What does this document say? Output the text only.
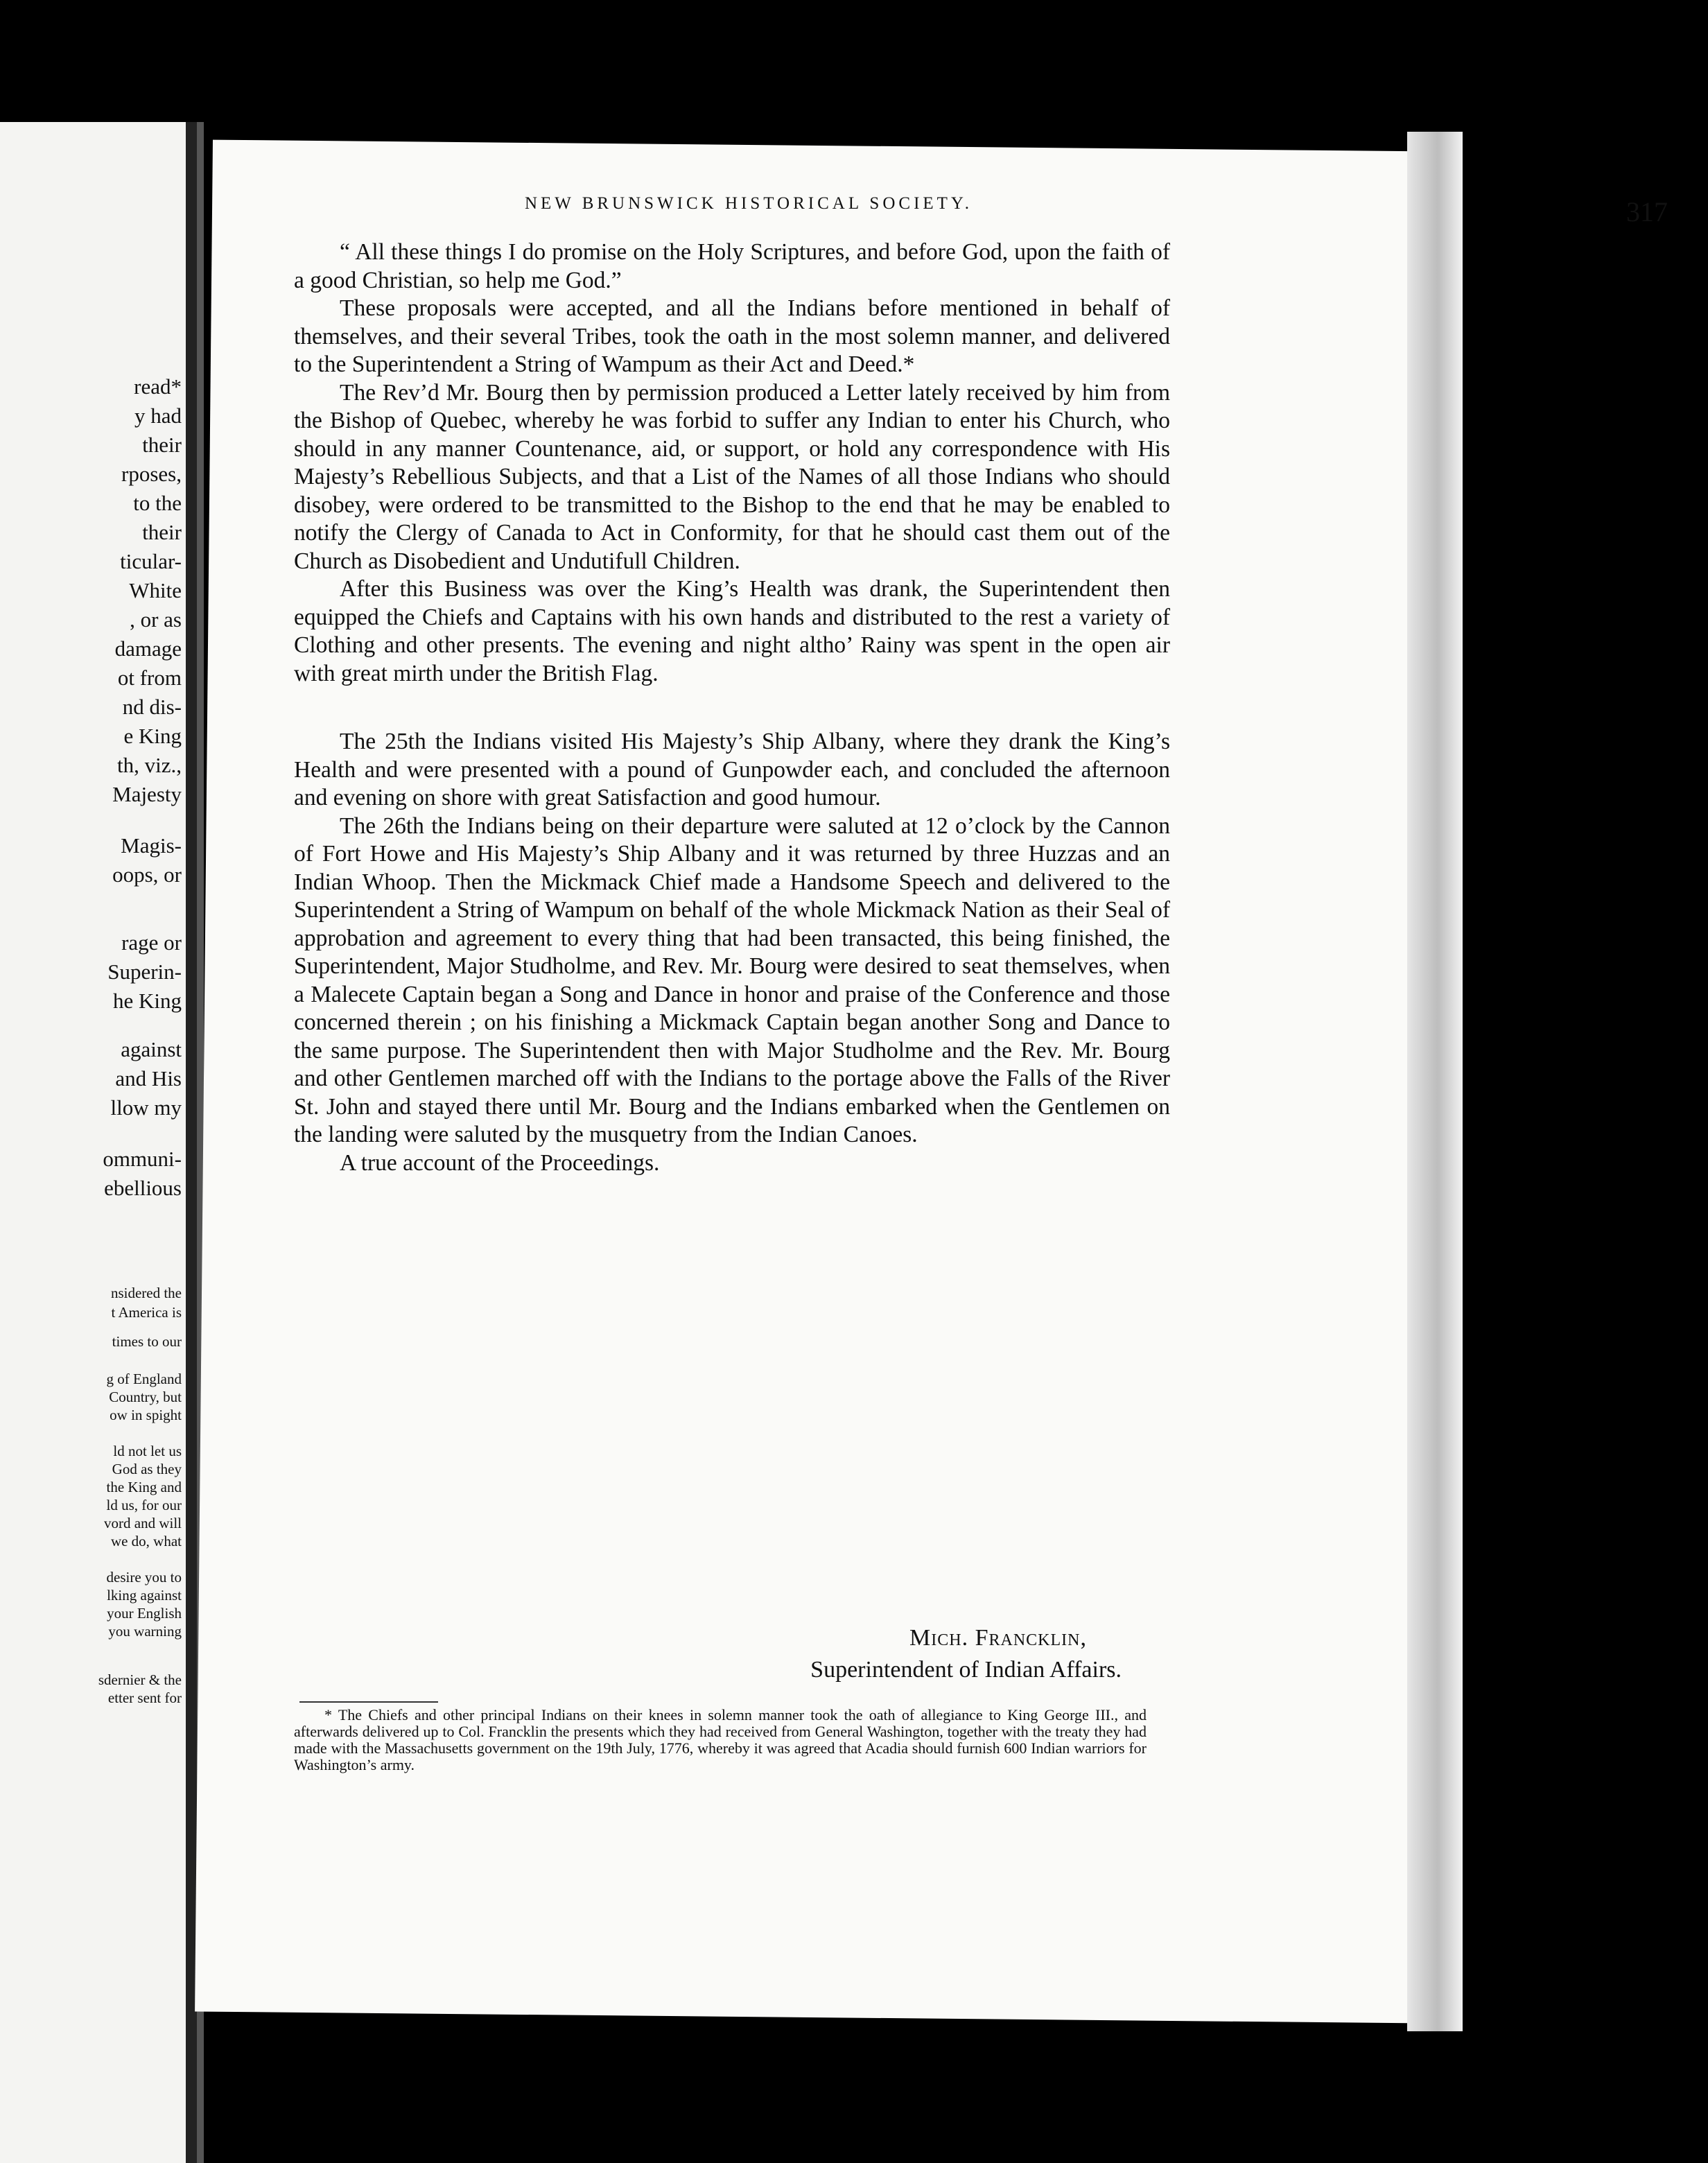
read*
y had
their
rposes,
to the
their
ticular-
White
, or as
damage
ot from
nd dis-
e King
th, viz.,
Majesty
Magis-
oops, or
rage or
Superin-
he King
against
and His
llow my
ommuni-
ebellious
nsidered the
t America is
times to our
g of England
Country, but
ow in spight
ld not let us
God as they
the King and
ld us, for our
vord and will
we do, what
desire you to
lking against
your English
you warning
sdernier & the
etter sent for
NEW BRUNSWICK HISTORICAL SOCIETY.	317

“ All these things I do promise on the Holy Scriptures, and before God, upon the faith of a good Christian, so help me God.”

These proposals were accepted, and all the Indians before mentioned in behalf of themselves, and their several Tribes, took the oath in the most solemn manner, and delivered to the Superintendent a String of Wampum as their Act and Deed.*

The Rev’d Mr. Bourg then by permission produced a Letter lately received by him from the Bishop of Quebec, whereby he was forbid to suffer any Indian to enter his Church, who should in any manner Countenance, aid, or support, or hold any correspondence with His Majesty’s Rebellious Subjects, and that a List of the Names of all those Indians who should disobey, were ordered to be transmitted to the Bishop to the end that he may be enabled to notify the Clergy of Canada to Act in Conformity, for that he should cast them out of the Church as Disobedient and Undutifull Children.

After this Business was over the King’s Health was drank, the Superintendent then equipped the Chiefs and Captains with his own hands and distributed to the rest a variety of Clothing and other presents. The evening and night altho’ Rainy was spent in the open air with great mirth under the British Flag.

The 25th the Indians visited His Majesty’s Ship Albany, where they drank the King’s Health and were presented with a pound of Gunpowder each, and concluded the afternoon and evening on shore with great Satisfaction and good humour.

The 26th the Indians being on their departure were saluted at 12 o’clock by the Cannon of Fort Howe and His Majesty’s Ship Albany and it was returned by three Huzzas and an Indian Whoop. Then the Mickmack Chief made a Handsome Speech and delivered to the Superintendent a String of Wampum on behalf of the whole Mickmack Nation as their Seal of approbation and agreement to every thing that had been transacted, this being finished, the Superintendent, Major Studholme, and Rev. Mr. Bourg were desired to seat themselves, when a Malecete Captain began a Song and Dance in honor and praise of the Conference and those concerned therein ; on his finishing a Mickmack Captain began another Song and Dance to the same purpose. The Superintendent then with Major Studholme and the Rev. Mr. Bourg and other Gentlemen marched off with the Indians to the portage above the Falls of the River St. John and stayed there until Mr. Bourg and the Indians embarked when the Gentlemen on the landing were saluted by the musquetry from the Indian Canoes.

A true account of the Proceedings.

Mich. Francklin,
Superintendent of Indian Affairs.
* The Chiefs and other principal Indians on their knees in solemn manner took the oath of allegiance to King George III., and afterwards delivered up to Col. Francklin the presents which they had received from General Washington, together with the treaty they had made with the Massachusetts government on the 19th July, 1776, whereby it was agreed that Acadia should furnish 600 Indian warriors for Washington’s army.
